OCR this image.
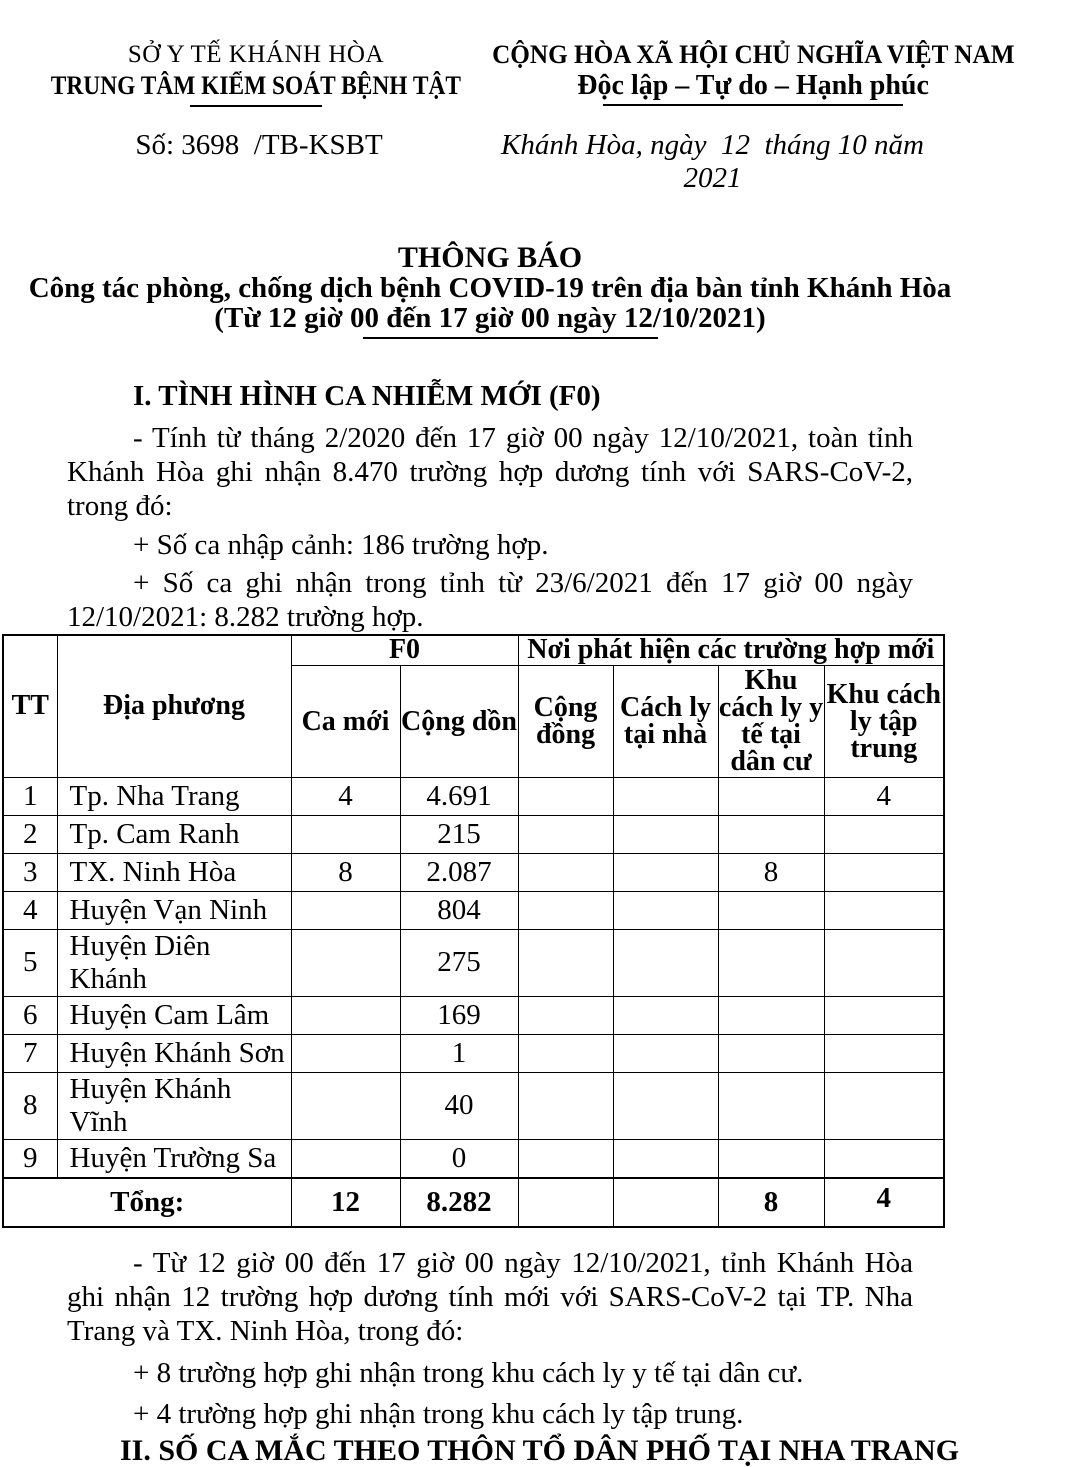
SỞ Y TẾ KHÁNH HÒA
TRUNG TÂM KIỂM SOÁT BỆNH TẬT
CỘNG HÒA XÃ HỘI CHỦ NGHĨA VIỆT NAM
Độc lập – Tự do – Hạnh phúc
Số: 3698  /TB-KSBT	Khánh Hòa, ngày  12  tháng 10 năm 2021
THÔNG BÁO
Công tác phòng, chống dịch bệnh COVID-19 trên địa bàn tỉnh Khánh Hòa
(Từ 12 giờ 00 đến 17 giờ 00 ngày 12/10/2021)
I. TÌNH HÌNH CA NHIỄM MỚI (F0)

- Tính từ tháng 2/2020 đến 17 giờ 00 ngày 12/10/2021, toàn tỉnh Khánh Hòa ghi nhận 8.470 trường hợp dương tính với SARS-CoV-2, trong đó:

+ Số ca nhập cảnh: 186 trường hợp.

+ Số ca ghi nhận trong tỉnh từ 23/6/2021 đến 17 giờ 00 ngày 12/10/2021: 8.282 trường hợp.

TT	Địa phương	F0		Nơi phát hiện các trường hợp mới			
		Ca mới	Cộng dồn	Cộng đồng	Cách ly tại nhà	Khu cách ly y tế tại dân cư	Khu cách ly tập trung
1	Tp. Nha Trang	4	4.691				4
2	Tp. Cam Ranh		215				
3	TX. Ninh Hòa	8	2.087			8	
4	Huyện Vạn Ninh		804				
5	Huyện Diên Khánh		275				
6	Huyện Cam Lâm		169				
7	Huyện Khánh Sơn		1				
8	Huyện Khánh Vĩnh		40				
9	Huyện Trường Sa		0				
Tổng:		12	8.282			8	4

- Từ 12 giờ 00 đến 17 giờ 00 ngày 12/10/2021, tỉnh Khánh Hòa ghi nhận 12 trường hợp dương tính mới với SARS-CoV-2 tại TP. Nha Trang và TX. Ninh Hòa, trong đó:

+ 8 trường hợp ghi nhận trong khu cách ly y tế tại dân cư.

+ 4 trường hợp ghi nhận trong khu cách ly tập trung.

II. SỐ CA MẮC THEO THÔN TỔ DÂN PHỐ TẠI NHA TRANG
